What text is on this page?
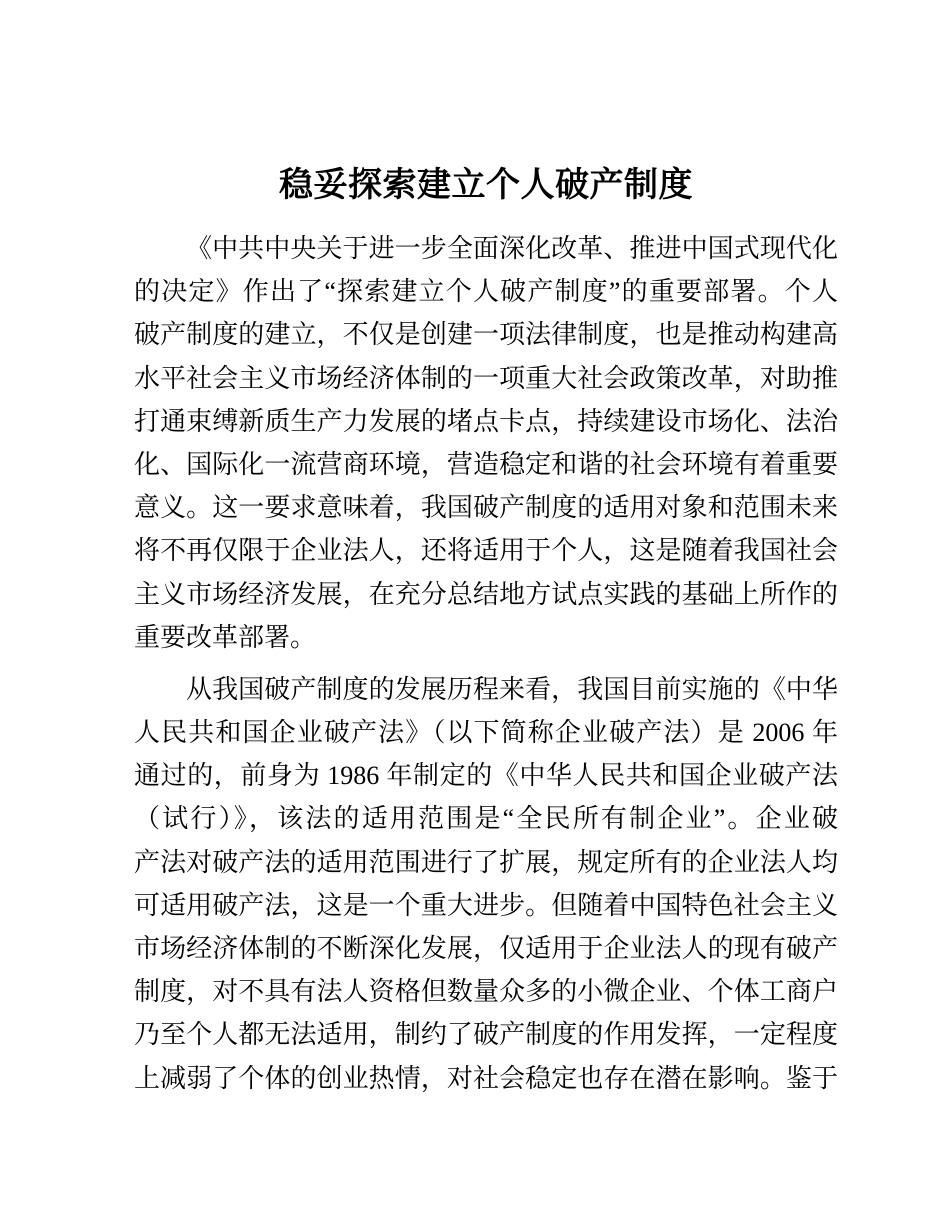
稳妥探索建立个人破产制度
《中共中央关于进一步全面深化改革、推进中国式现代化
的决定》作出了“探索建立个人破产制度”的重要部署。个人
破产制度的建立，不仅是创建一项法律制度，也是推动构建高
水平社会主义市场经济体制的一项重大社会政策改革，对助推
打通束缚新质生产力发展的堵点卡点，持续建设市场化、法治
化、国际化一流营商环境，营造稳定和谐的社会环境有着重要
意义。这一要求意味着，我国破产制度的适用对象和范围未来
将不再仅限于企业法人，还将适用于个人，这是随着我国社会
主义市场经济发展，在充分总结地方试点实践的基础上所作的
重要改革部署。
从我国破产制度的发展历程来看，我国目前实施的《中华
人民共和国企业破产法》（以下简称企业破产法）是 2006 年
通过的，前身为 1986 年制定的《中华人民共和国企业破产法
（试行）》，该法的适用范围是“全民所有制企业”。企业破
产法对破产法的适用范围进行了扩展，规定所有的企业法人均
可适用破产法，这是一个重大进步。但随着中国特色社会主义
市场经济体制的不断深化发展，仅适用于企业法人的现有破产
制度，对不具有法人资格但数量众多的小微企业、个体工商户
乃至个人都无法适用，制约了破产制度的作用发挥，一定程度
上减弱了个体的创业热情，对社会稳定也存在潜在影响。鉴于
